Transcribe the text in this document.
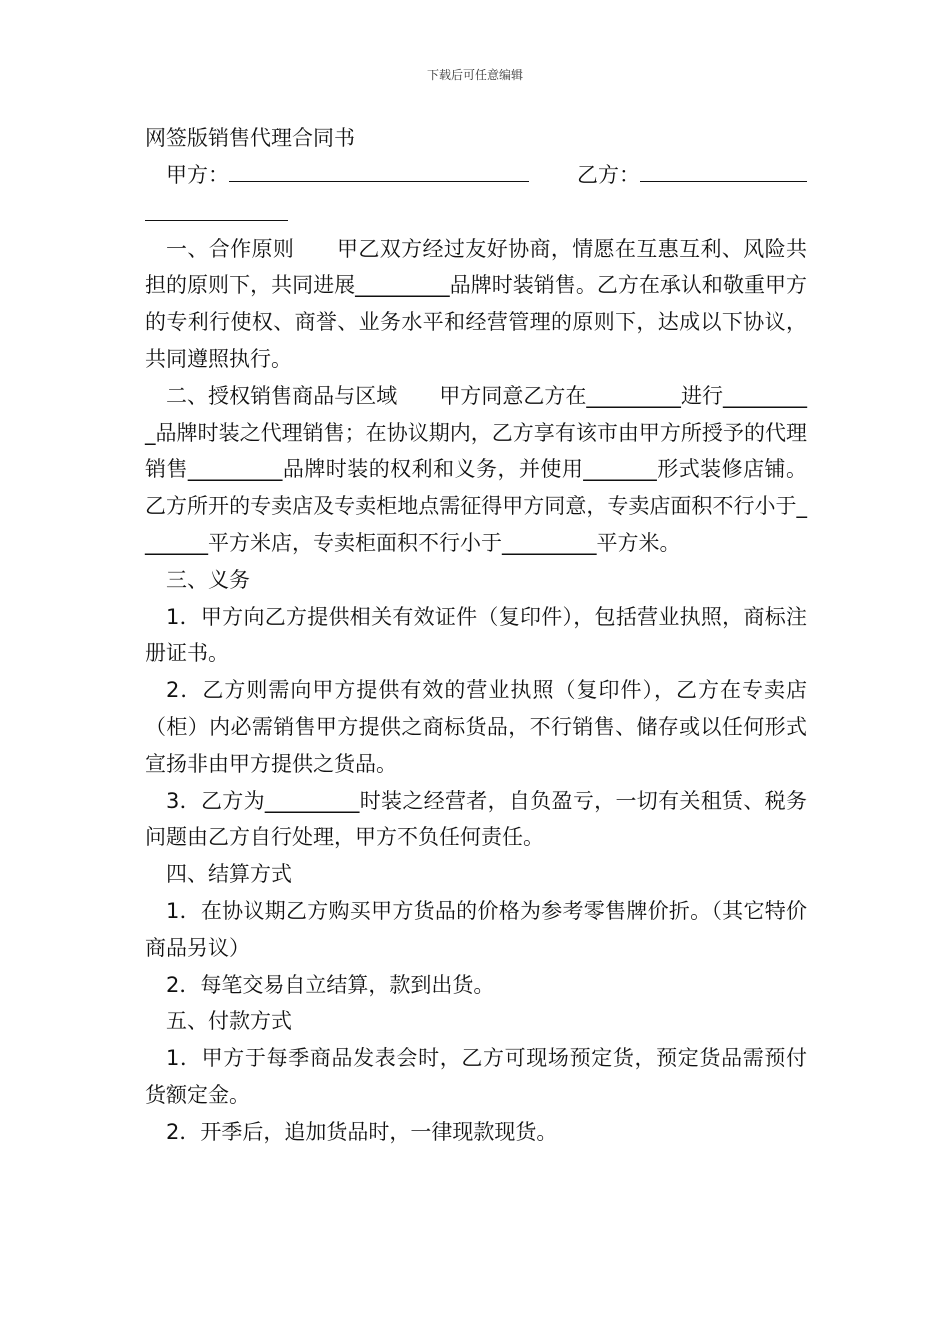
下载后可任意编辑

网签版销售代理合同书

甲方：	乙方：

一、合作原则　　甲乙双方经过友好协商，情愿在互惠互利、风险共担的原则下，共同进展_________品牌时装销售。乙方在承认和敬重甲方的专利行使权、商誉、业务水平和经营管理的原则下，达成以下协议，共同遵照执行。

二、授权销售商品与区域　　甲方同意乙方在_________进行_________品牌时装之代理销售；在协议期内，乙方享有该市由甲方所授予的代理销售_________品牌时装的权利和义务，并使用_______形式装修店铺。乙方所开的专卖店及专卖柜地点需征得甲方同意，专卖店面积不行小于_______平方米店，专卖柜面积不行小于_________平方米。

三、义务

1．甲方向乙方提供相关有效证件（复印件），包括营业执照，商标注册证书。

2．乙方则需向甲方提供有效的营业执照（复印件），乙方在专卖店（柜）内必需销售甲方提供之商标货品，不行销售、储存或以任何形式宣扬非由甲方提供之货品。

3．乙方为_________时装之经营者，自负盈亏，一切有关租赁、税务问题由乙方自行处理，甲方不负任何责任。

四、结算方式

1．在协议期乙方购买甲方货品的价格为参考零售牌价折。（其它特价商品另议）

2．每笔交易自立结算，款到出货。

五、付款方式

1．甲方于每季商品发表会时，乙方可现场预定货，预定货品需预付货额定金。

2．开季后，追加货品时，一律现款现货。
